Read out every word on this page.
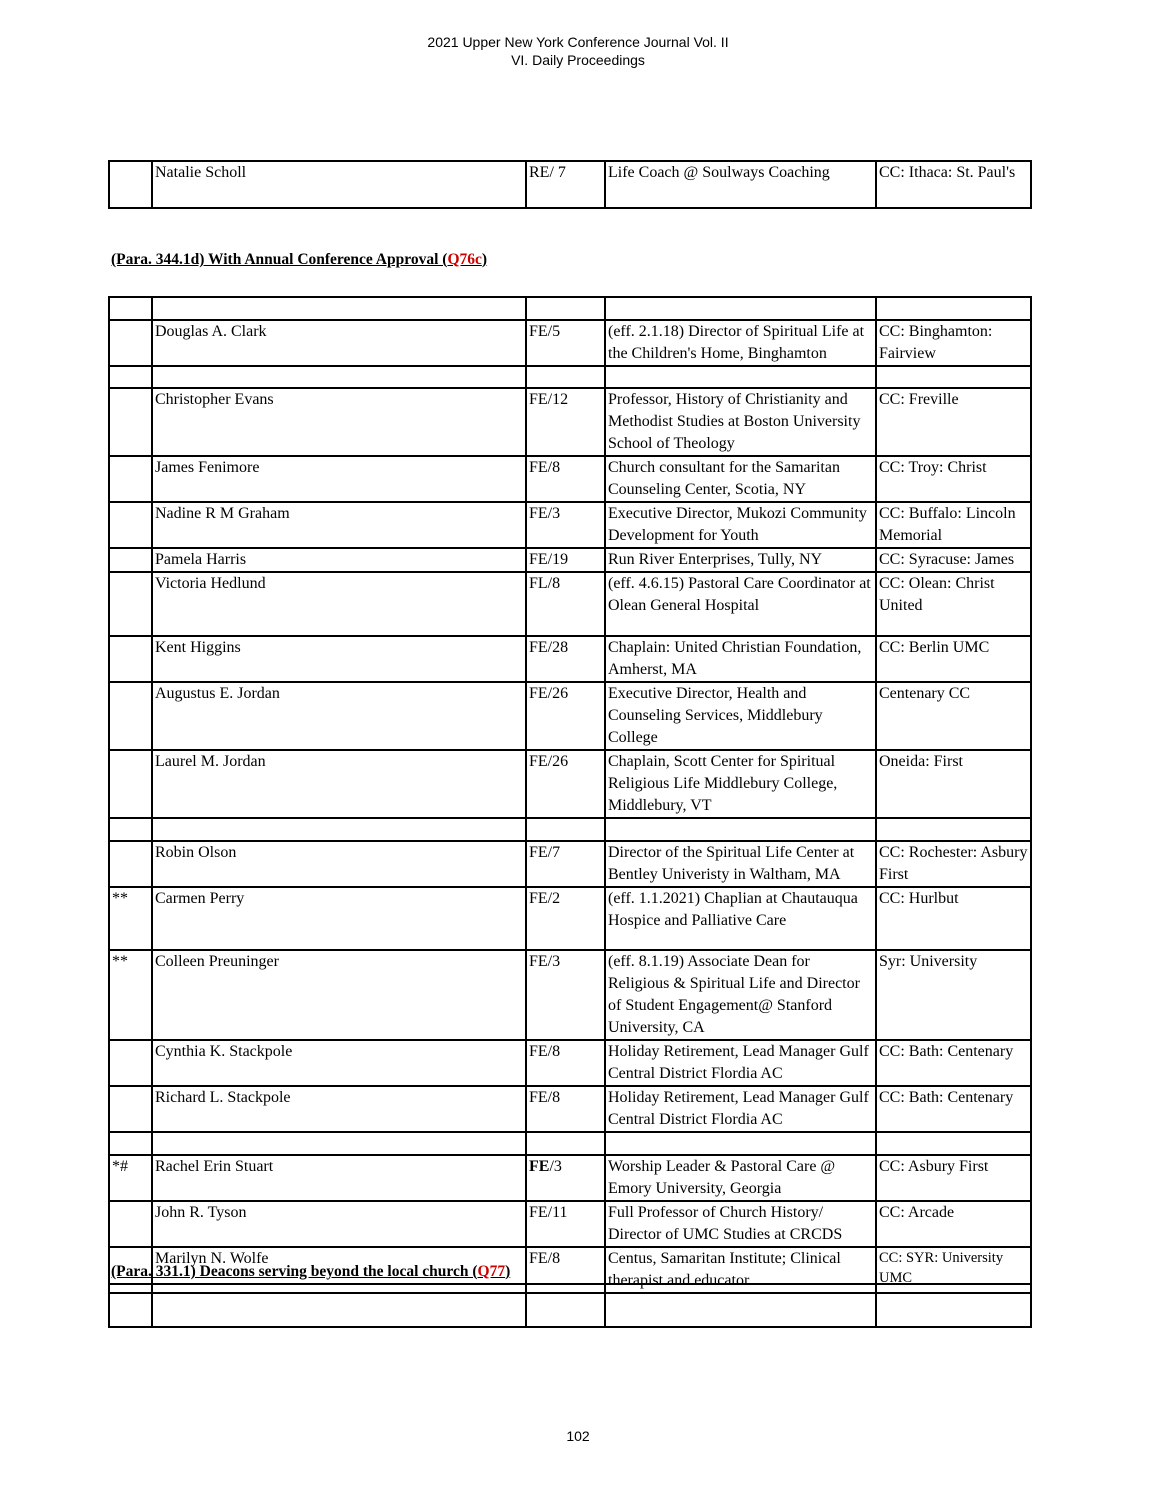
2021 Upper New York Conference Journal Vol. II
VI. Daily Proceedings
	Natalie Scholl	RE/ 7	Life Coach @ Soulways Coaching	CC: Ithaca: St. Paul's
(Para. 344.1d) With Annual Conference Approval (Q76c)

	Douglas A. Clark	FE/5	(eff. 2.1.18) Director of Spiritual Life at the Children's Home, Binghamton	CC: Binghamton: Fairview

	Christopher Evans	FE/12	Professor, History of Christianity and Methodist Studies at Boston University School of Theology	CC: Freville
	James Fenimore	FE/8	Church consultant for the Samaritan Counseling Center, Scotia, NY	CC: Troy: Christ
	Nadine R M Graham	FE/3	Executive Director, Mukozi Community Development for Youth	CC: Buffalo: Lincoln Memorial
	Pamela Harris	FE/19	Run River Enterprises, Tully, NY	CC: Syracuse: James
	Victoria Hedlund	FL/8	(eff. 4.6.15) Pastoral Care Coordinator at Olean General Hospital	CC: Olean: Christ United
	Kent Higgins	FE/28	Chaplain: United Christian Foundation, Amherst, MA	CC: Berlin UMC
	Augustus E. Jordan	FE/26	Executive Director, Health and Counseling Services, Middlebury College	Centenary CC
	Laurel M. Jordan	FE/26	Chaplain, Scott Center for Spiritual Religious Life Middlebury College, Middlebury, VT	Oneida: First

	Robin Olson	FE/7	Director of the Spiritual Life Center at Bentley Univeristy in Waltham, MA	CC: Rochester: Asbury First
**	Carmen Perry	FE/2	(eff. 1.1.2021) Chaplian at Chautauqua Hospice and Palliative Care	CC: Hurlbut
**	Colleen Preuninger	FE/3	(eff. 8.1.19) Associate Dean for Religious & Spiritual Life and Director of Student Engagement@ Stanford University, CA	Syr: University
	Cynthia K. Stackpole	FE/8	Holiday Retirement, Lead Manager Gulf Central District Flordia AC	CC: Bath: Centenary
	Richard L. Stackpole	FE/8	Holiday Retirement, Lead Manager Gulf Central District Flordia AC	CC: Bath: Centenary

*#	Rachel Erin Stuart	FE/3	Worship Leader & Pastoral Care @ Emory University, Georgia	CC: Asbury First
	John R. Tyson	FE/11	Full Professor of Church History/ Director of UMC Studies at CRCDS	CC: Arcade
	Marilyn N. Wolfe	FE/8	Centus, Samaritan Institute; Clinical therapist and educator	CC: SYR: University UMC
(Para. 331.1) Deacons serving beyond the local church (Q77)

102
